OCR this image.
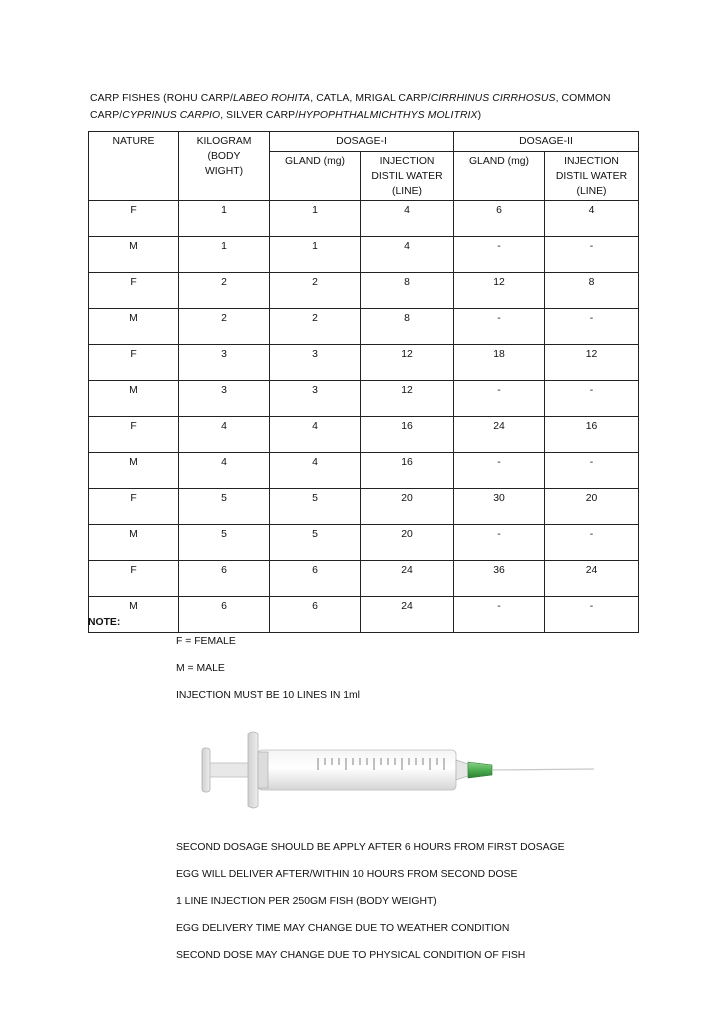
CARP FISHES (ROHU CARP/LABEO ROHITA, CATLA, MRIGAL CARP/CIRRHINUS CIRRHOSUS, COMMON CARP/CYPRINUS CARPIO, SILVER CARP/HYPOPHTHALMICHTHYS MOLITRIX)
NATURE	KILOGRAM (BODY WIGHT)	DOSAGE-I		DOSAGE-II	
		GLAND (mg)	INJECTION DISTIL WATER (LINE)	GLAND (mg)	INJECTION DISTIL WATER (LINE)

F	1	1	4	6	4
M	1	1	4	-	-
F	2	2	8	12	8
M	2	2	8	-	-
F	3	3	12	18	12
M	3	3	12	-	-
F	4	4	16	24	16
M	4	4	16	-	-
F	5	5	20	30	20
M	5	5	20	-	-
F	6	6	24	36	24
M	6	6	24	-	-
NOTE:
F = FEMALE
M = MALE
INJECTION MUST BE 10 LINES IN 1ml
SECOND DOSAGE SHOULD BE APPLY AFTER 6 HOURS FROM FIRST DOSAGE
EGG WILL DELIVER AFTER/WITHIN 10 HOURS FROM SECOND DOSE
1 LINE INJECTION PER 250GM FISH (BODY WEIGHT)
EGG DELIVERY TIME MAY CHANGE DUE TO WEATHER CONDITION
SECOND DOSE MAY CHANGE DUE TO PHYSICAL CONDITION OF FISH
